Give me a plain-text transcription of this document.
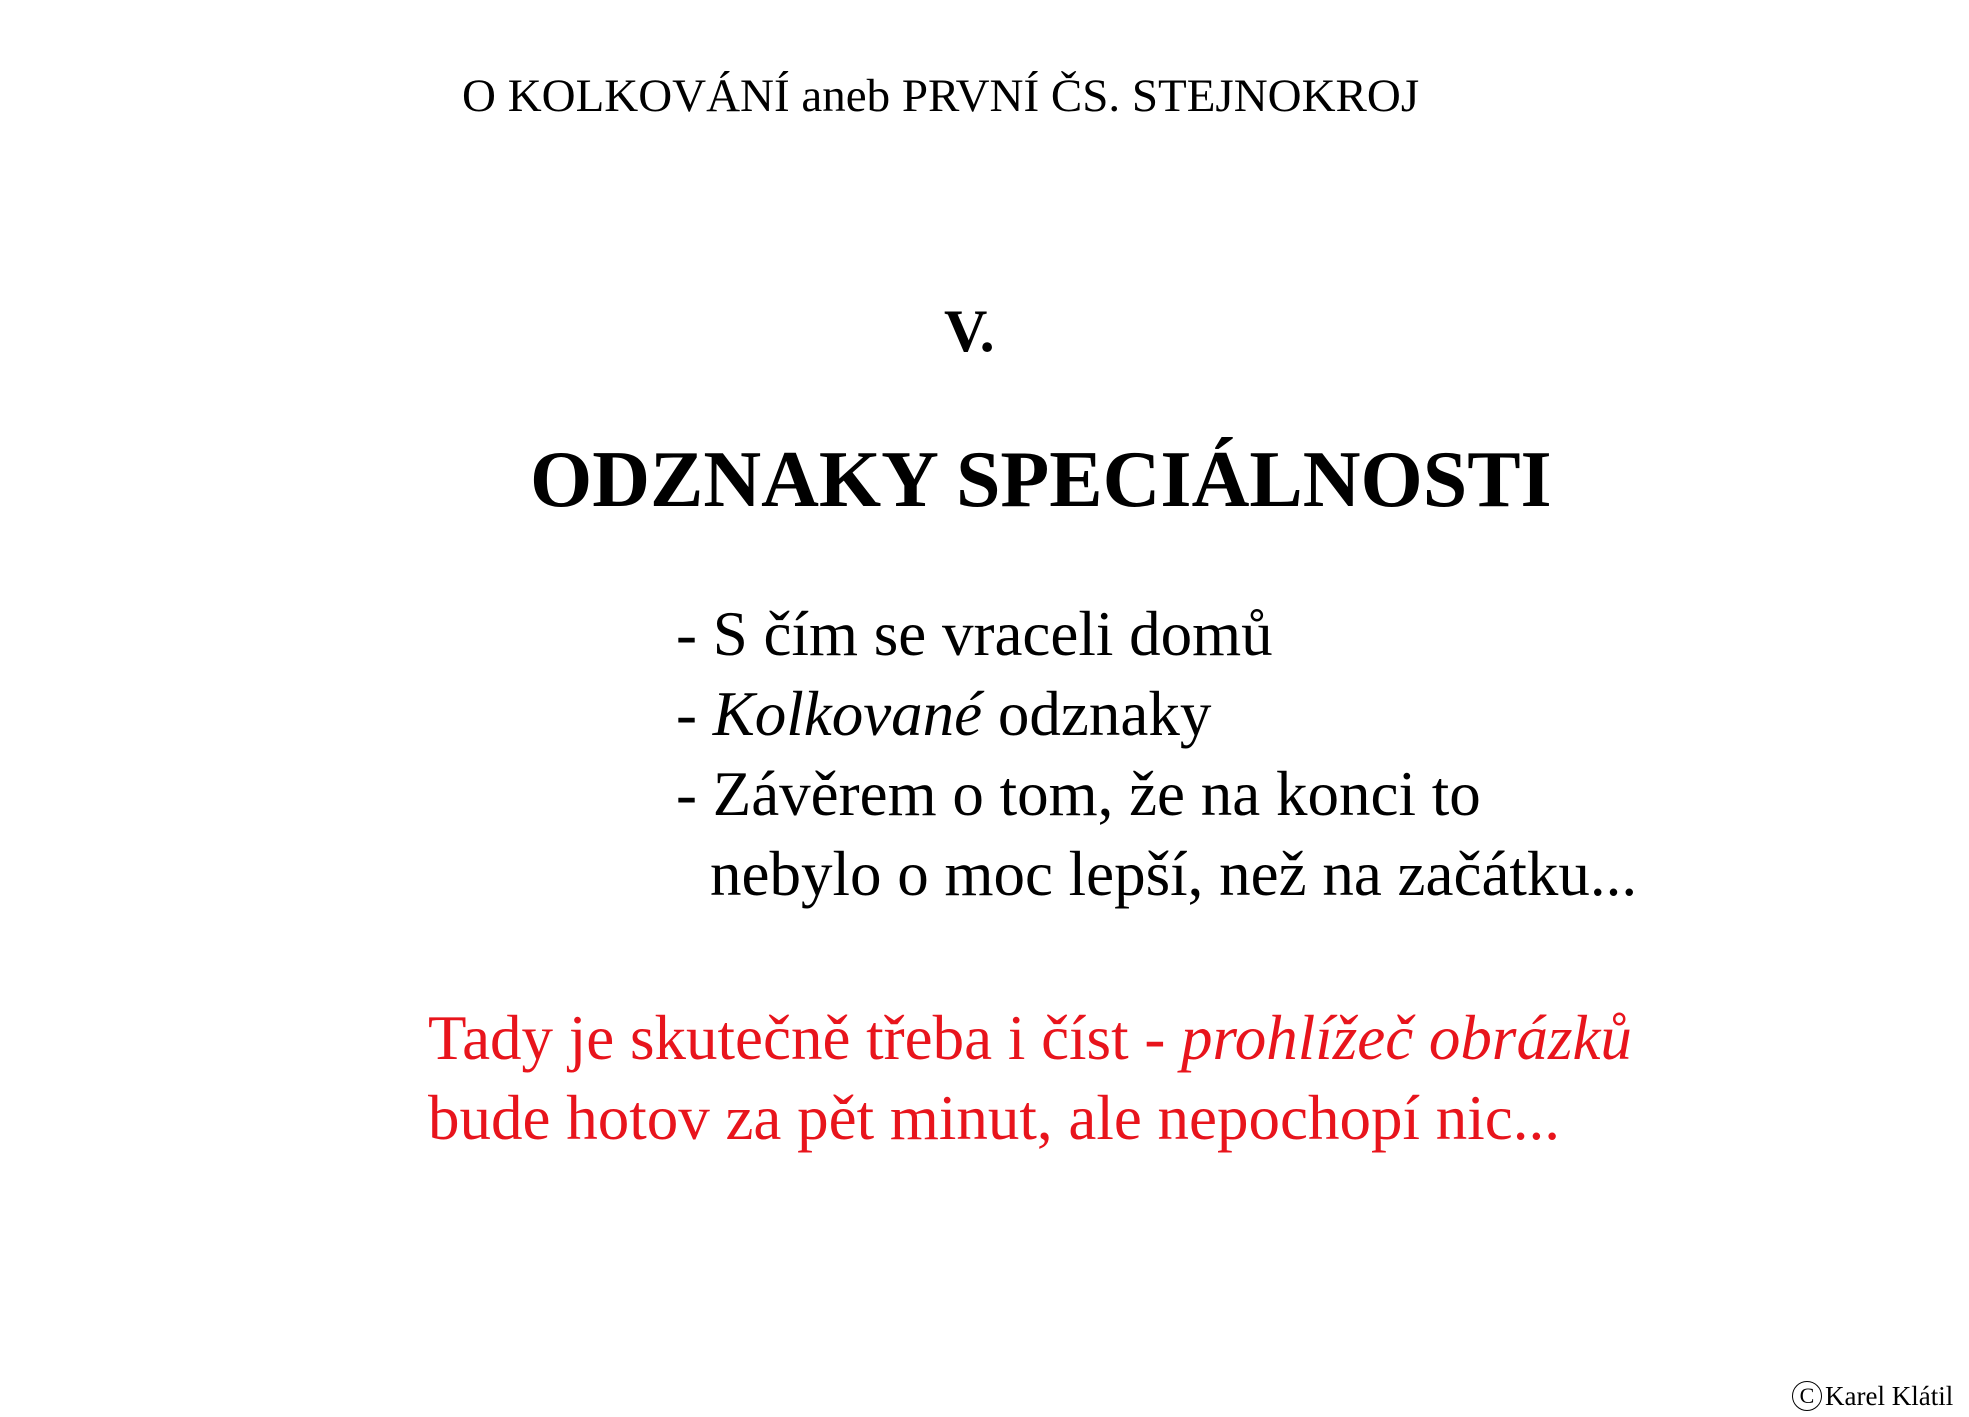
O KOLKOVÁNÍ aneb PRVNÍ ČS. STEJNOKROJ
V.
ODZNAKY SPECIÁLNOSTI
- S čím se vraceli domů
- Kolkované odznaky
- Závěrem o tom, že na konci to
nebylo o moc lepší, než na začátku...
Tady je skutečně třeba i číst - prohlížeč obrázků
bude hotov za pět minut, ale nepochopí nic...
C Karel Klátil
